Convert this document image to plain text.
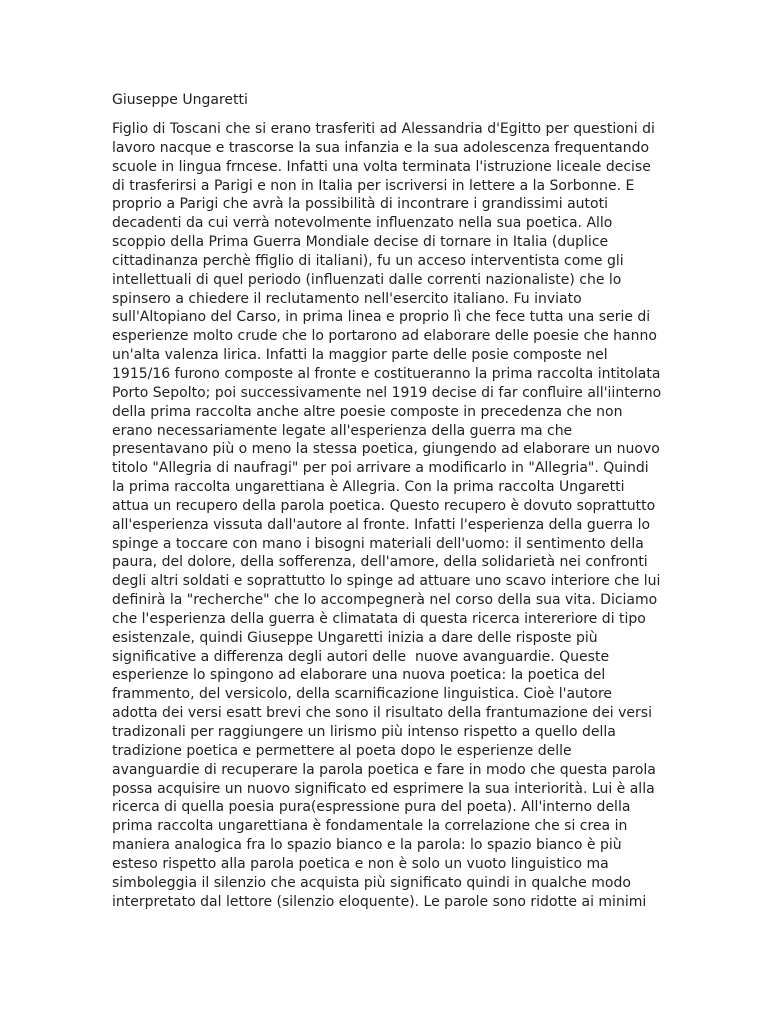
Giuseppe Ungaretti

Figlio di Toscani che si erano trasferiti ad Alessandria d'Egitto per questioni di
lavoro nacque e trascorse la sua infanzia e la sua adolescenza frequentando
scuole in lingua frncese. Infatti una volta terminata l'istruzione liceale decise
di trasferirsi a Parigi e non in Italia per iscriversi in lettere a la Sorbonne. E
proprio a Parigi che avrà la possibilità di incontrare i grandissimi autoti
decadenti da cui verrà notevolmente influenzato nella sua poetica. Allo
scoppio della Prima Guerra Mondiale decise di tornare in Italia (duplice
cittadinanza perchè ffiglio di italiani), fu un acceso interventista come gli
intellettuali di quel periodo (influenzati dalle correnti nazionaliste) che lo
spinsero a chiedere il reclutamento nell'esercito italiano. Fu inviato
sull'Altopiano del Carso, in prima linea e proprio lì che fece tutta una serie di
esperienze molto crude che lo portarono ad elaborare delle poesie che hanno
un'alta valenza lirica. Infatti la maggior parte delle posie composte nel
1915/16 furono composte al fronte e costitueranno la prima raccolta intitolata
Porto Sepolto; poi successivamente nel 1919 decise di far confluire all'iinterno
della prima raccolta anche altre poesie composte in precedenza che non
erano necessariamente legate all'esperienza della guerra ma che
presentavano più o meno la stessa poetica, giungendo ad elaborare un nuovo
titolo "Allegria di naufragi" per poi arrivare a modificarlo in "Allegria". Quindi
la prima raccolta ungarettiana è Allegria. Con la prima raccolta Ungaretti
attua un recupero della parola poetica. Questo recupero è dovuto soprattutto
all'esperienza vissuta dall'autore al fronte. Infatti l'esperienza della guerra lo
spinge a toccare con mano i bisogni materiali dell'uomo: il sentimento della
paura, del dolore, della sofferenza, dell'amore, della solidarietà nei confronti
degli altri soldati e soprattutto lo spinge ad attuare uno scavo interiore che lui
definirà la "recherche" che lo accompegnerà nel corso della sua vita. Diciamo
che l'esperienza della guerra è climatata di questa ricerca intereriore di tipo
esistenzale, quindi Giuseppe Ungaretti inizia a dare delle risposte più
significative a differenza degli autori delle  nuove avanguardie. Queste
esperienze lo spingono ad elaborare una nuova poetica: la poetica del
frammento, del versicolo, della scarnificazione linguistica. Cioè l'autore
adotta dei versi esatt brevi che sono il risultato della frantumazione dei versi
tradizonali per raggiungere un lirismo più intenso rispetto a quello della
tradizione poetica e permettere al poeta dopo le esperienze delle
avanguardie di recuperare la parola poetica e fare in modo che questa parola
possa acquisire un nuovo significato ed esprimere la sua interiorità. Lui è alla
ricerca di quella poesia pura(espressione pura del poeta). All'interno della
prima raccolta ungarettiana è fondamentale la correlazione che si crea in
maniera analogica fra lo spazio bianco e la parola: lo spazio bianco è più
esteso rispetto alla parola poetica e non è solo un vuoto linguistico ma
simboleggia il silenzio che acquista più significato quindi in qualche modo
interpretato dal lettore (silenzio eloquente). Le parole sono ridotte ai minimi
